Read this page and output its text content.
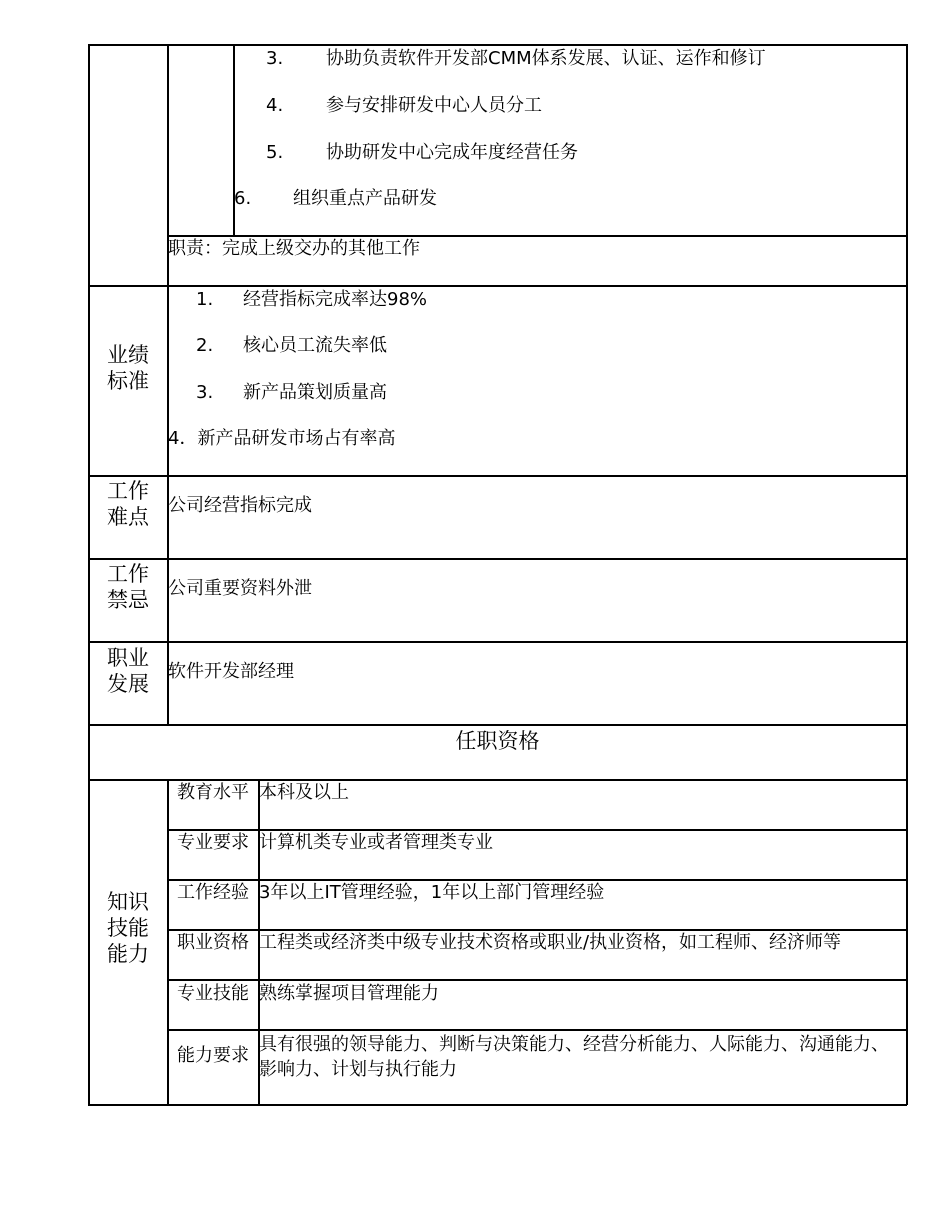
3. 协助负责软件开发部CMM体系发展、认证、运作和修订
4. 参与安排研发中心人员分工
5. 协助研发中心完成年度经营任务
6. 组织重点产品研发
职责：完成上级交办的其他工作
业绩
标准
1. 经营指标完成率达98%
2. 核心员工流失率低
3. 新产品策划质量高
4．新产品研发市场占有率高
工作
难点	公司经营指标完成
工作
禁忌	公司重要资料外泄
职业
发展
软件开发部经理
任职资格
知识
技能
能力
教育水平 本科及以上
专业要求 计算机类专业或者管理类专业
工作经验 3年以上IT管理经验，1年以上部门管理经验
职业资格 工程类或经济类中级专业技术资格或职业/执业资格，如工程师、经济师等
专业技能 熟练掌握项目管理能力
能力要求
具有很强的领导能力、判断与决策能力、经营分析能力、人际能力、沟通能力、影响力、计划与执行能力
